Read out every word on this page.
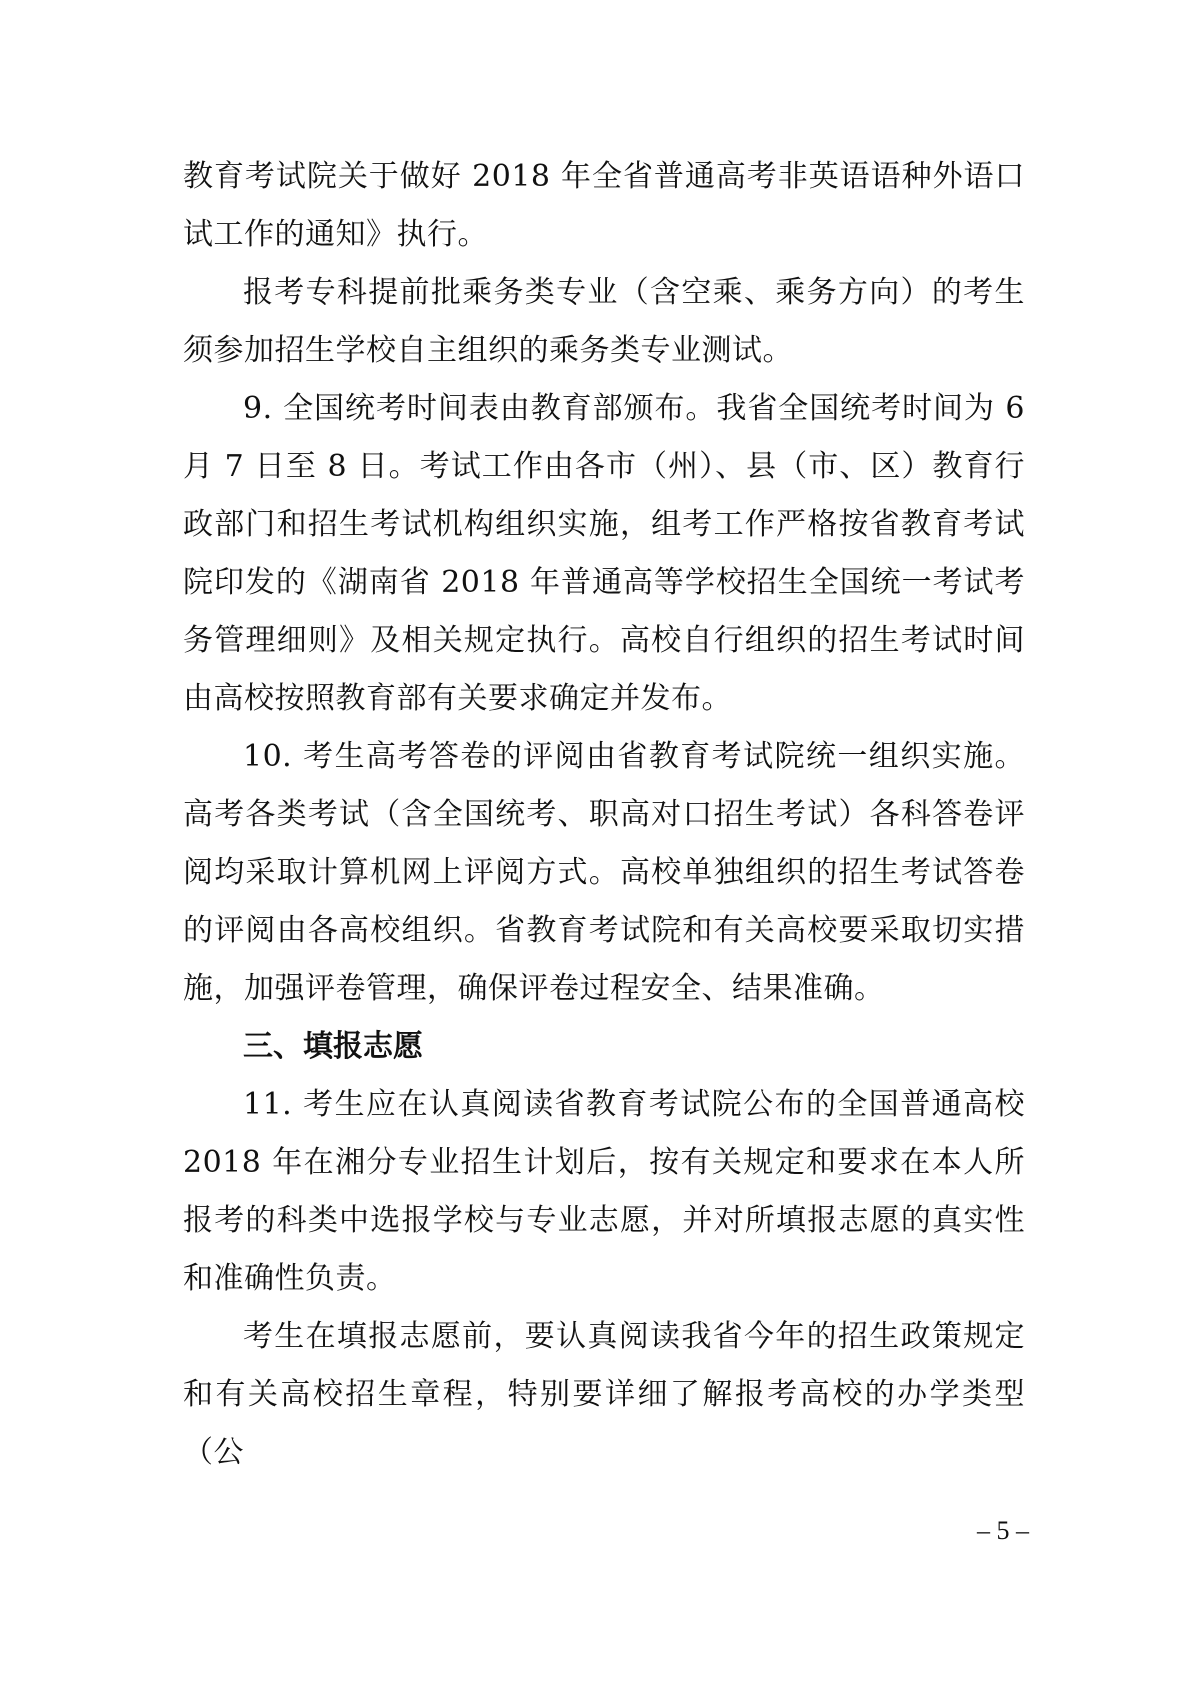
教育考试院关于做好 2018 年全省普通高考非英语语种外语口试工作的通知》执行。

报考专科提前批乘务类专业（含空乘、乘务方向）的考生须参加招生学校自主组织的乘务类专业测试。

9. 全国统考时间表由教育部颁布。我省全国统考时间为 6 月 7 日至 8 日。考试工作由各市（州）、县（市、区）教育行政部门和招生考试机构组织实施，组考工作严格按省教育考试院印发的《湖南省 2018 年普通高等学校招生全国统一考试考务管理细则》及相关规定执行。高校自行组织的招生考试时间由高校按照教育部有关要求确定并发布。

10. 考生高考答卷的评阅由省教育考试院统一组织实施。高考各类考试（含全国统考、职高对口招生考试）各科答卷评阅均采取计算机网上评阅方式。高校单独组织的招生考试答卷的评阅由各高校组织。省教育考试院和有关高校要采取切实措施，加强评卷管理，确保评卷过程安全、结果准确。

三、填报志愿

11. 考生应在认真阅读省教育考试院公布的全国普通高校 2018 年在湘分专业招生计划后，按有关规定和要求在本人所报考的科类中选报学校与专业志愿，并对所填报志愿的真实性和准确性负责。

考生在填报志愿前，要认真阅读我省今年的招生政策规定和有关高校招生章程，特别要详细了解报考高校的办学类型（公

– 5 –
